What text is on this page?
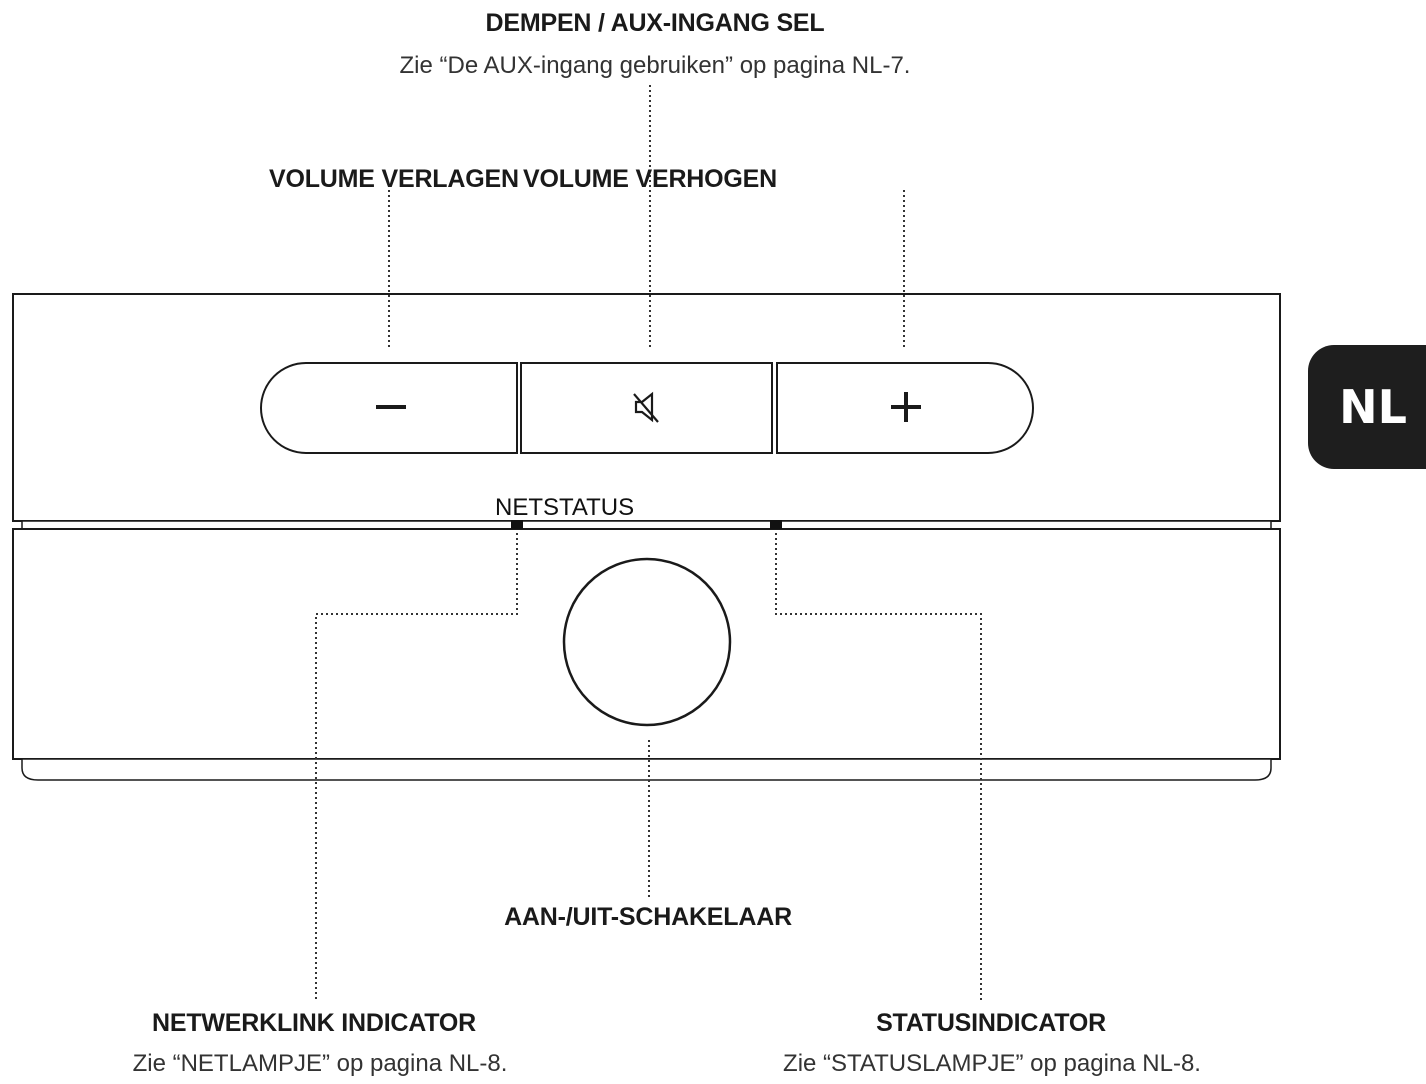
DEMPEN / AUX-INGANG SEL
Zie “De AUX-ingang gebruiken” op pagina NL-7.
VOLUME VERLAGEN VOLUME VERHOGEN
NETSTATUS
AAN-/UIT-SCHAKELAAR
NETWERKLINK INDICATOR
Zie “NETLAMPJE” op pagina NL-8.
STATUSINDICATOR
Zie “STATUSLAMPJE” op pagina NL-8.
NL
